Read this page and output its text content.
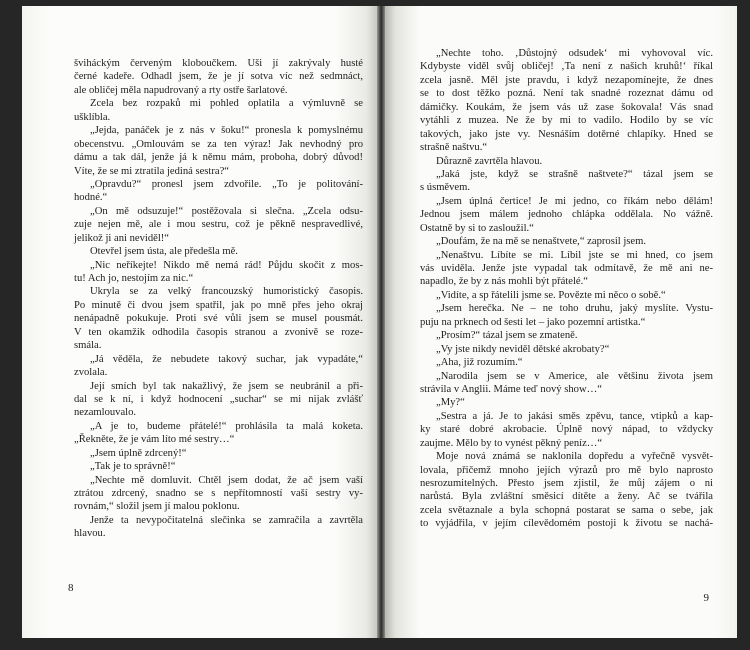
šviháckým červeným kloboučkem. Uši jí zakrývaly husté
černé kadeře. Odhadl jsem, že je jí sotva víc než sedmnáct,
ale obličej měla napudrovaný a rty ostře šarlatové.
Zcela bez rozpaků mi pohled oplatila a výmluvně se
ušklíbla.
„Jejda, panáček je z nás v šoku!“ pronesla k pomyslnému
obecenstvu. „Omlouvám se za ten výraz! Jak nevhodný pro
dámu a tak dál, jenže já k němu mám, proboha, dobrý důvod!
Víte, že se mi ztratila jediná sestra?“
„Opravdu?“ pronesl jsem zdvořile. „To je politování-
hodné.“
„On mě odsuzuje!“ postěžovala si slečna. „Zcela odsu-
zuje nejen mě, ale i mou sestru, což je pěkně nespravedlivé,
jelikož ji ani neviděl!“
Otevřel jsem ústa, ale předešla mě.
„Nic neříkejte! Nikdo mě nemá rád! Půjdu skočit z mos-
tu! Ach jo, nestojím za nic.“
Ukryla se za velký francouzský humoristický časopis.
Po minutě či dvou jsem spatřil, jak po mně přes jeho okraj
nenápadně pokukuje. Proti své vůli jsem se musel pousmát.
V ten okamžik odhodila časopis stranou a zvonivě se roze-
smála.
„Já věděla, že nebudete takový suchar, jak vypadáte,“
zvolala.
Její smích byl tak nakažlivý, že jsem se neubránil a při-
dal se k ní, i když hodnocení „suchar“ se mi nijak zvlášť
nezamlouvalo.
„A je to, budeme přátelé!“ prohlásila ta malá koketa.
„Řekněte, že je vám líto mé sestry…“
„Jsem úplně zdrcený!“
„Tak je to správně!“
„Nechte mě domluvit. Chtěl jsem dodat, že ač jsem vaší
ztrátou zdrcený, snadno se s nepřítomností vaší sestry vy-
rovnám,“ složil jsem jí malou poklonu.
Jenže ta nevypočitatelná slečinka se zamračila a zavrtěla
hlavou.
8
„Nechte toho. ‚Důstojný odsudek‘ mi vyhovoval víc.
Kdybyste viděl svůj obličej! ‚Ta není z našich kruhů!‘ říkal
zcela jasně. Měl jste pravdu, i když nezapomínejte, že dnes
se to dost těžko pozná. Není tak snadné rozeznat dámu od
dámičky. Koukám, že jsem vás už zase šokovala! Vás snad
vytáhli z muzea. Ne že by mi to vadilo. Hodilo by se víc
takových, jako jste vy. Nesnáším dotěrné chlapíky. Hned se
strašně naštvu.“
Důrazně zavrtěla hlavou.
„Jaká jste, když se strašně naštvete?“ tázal jsem se
s úsměvem.
„Jsem úplná čertice! Je mi jedno, co říkám nebo dělám!
Jednou jsem málem jednoho chlápka oddělala. No vážně.
Ostatně by si to zasloužil.“
„Doufám, že na mě se nenaštvete,“ zaprosil jsem.
„Nenaštvu. Líbíte se mi. Líbil jste se mi hned, co jsem
vás uviděla. Jenže jste vypadal tak odmítavě, že mě ani ne-
napadlo, že by z nás mohli být přátelé.“
„Vidíte, a sp řátelili jsme se. Povězte mi něco o sobě.“
„Jsem herečka. Ne – ne toho druhu, jaký myslíte. Vystu-
puju na prknech od šesti let – jako pozemní artistka.“
„Prosím?“ tázal jsem se zmateně.
„Vy jste nikdy neviděl dětské akrobaty?“
„Aha, již rozumím.“
„Narodila jsem se v Americe, ale většinu života jsem
strávila v Anglii. Máme teď nový show…“
„My?“
„Sestra a já. Je to jakási směs zpěvu, tance, vtipků a kap-
ky staré dobré akrobacie. Úplně nový nápad, to vždycky
zaujme. Mělo by to vynést pěkný peníz…“
Moje nová známá se naklonila dopředu a vyřečně vysvět-
lovala, přičemž mnoho jejích výrazů pro mě bylo naprosto
nesrozumitelných. Přesto jsem zjistil, že můj zájem o ni
narůstá. Byla zvláštní směsicí dítěte a ženy. Ač se tvářila
zcela světaznale a byla schopná postarat se sama o sebe, jak
to vyjádřila, v jejím cílevědomém postoji k životu se nachá-
9
